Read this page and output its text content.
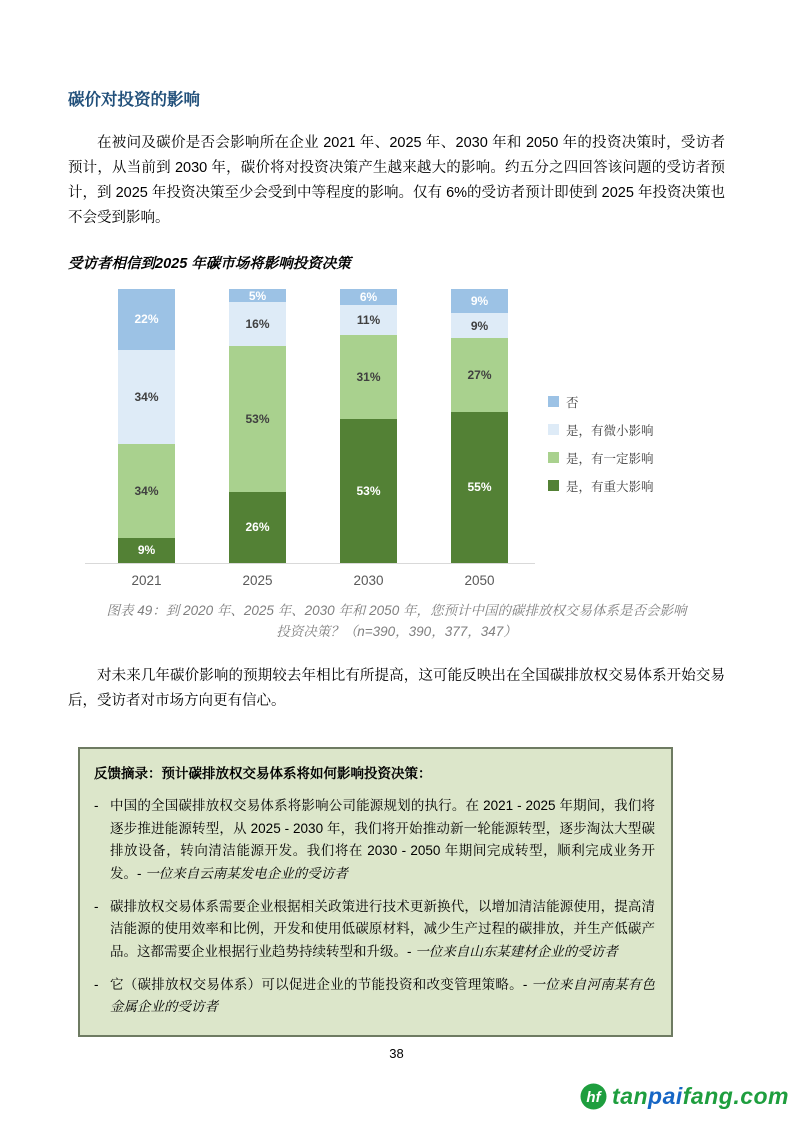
碳价对投资的影响

在被问及碳价是否会影响所在企业 2021 年、2025 年、2030 年和 2050 年的投资决策时，受访者预计，从当前到 2030 年，碳价将对投资决策产生越来越大的影响。约五分之四回答该问题的受访者预计，到 2025 年投资决策至少会受到中等程度的影响。仅有 6%的受访者预计即使到 2025 年投资决策也不会受到影响。

受访者相信到2025 年碳市场将影响投资决策
22%
34%
34%
9%
5%
16%
53%
26%
6%
11%
31%
53%
9%
9%
27%
55%
2021	2025	2030	2050
否
是，有微小影响
是，有一定影响
是，有重大影响
图表 49：到 2020 年、2025 年、2030 年和 2050 年，您预计中国的碳排放权交易体系是否会影响
投资决策？（n=390，390，377，347）

对未来几年碳价影响的预期较去年相比有所提高，这可能反映出在全国碳排放权交易体系开始交易后，受访者对市场方向更有信心。

反馈摘录：预计碳排放权交易体系将如何影响投资决策：

- 中国的全国碳排放权交易体系将影响公司能源规划的执行。在 2021 - 2025 年期间，我们将逐步推进能源转型，从 2025 - 2030 年，我们将开始推动新一轮能源转型，逐步淘汰大型碳排放设备，转向清洁能源开发。我们将在 2030 - 2050 年期间完成转型，顺利完成业务开发。- 一位来自云南某发电企业的受访者

- 碳排放权交易体系需要企业根据相关政策进行技术更新换代，以增加清洁能源使用，提高清洁能源的使用效率和比例，开发和使用低碳原材料，减少生产过程的碳排放，并生产低碳产品。这都需要企业根据行业趋势持续转型和升级。- 一位来自山东某建材企业的受访者

- 它（碳排放权交易体系）可以促进企业的节能投资和改变管理策略。- 一位来自河南某有色金属企业的受访者

38
hf tanpaifang.com
